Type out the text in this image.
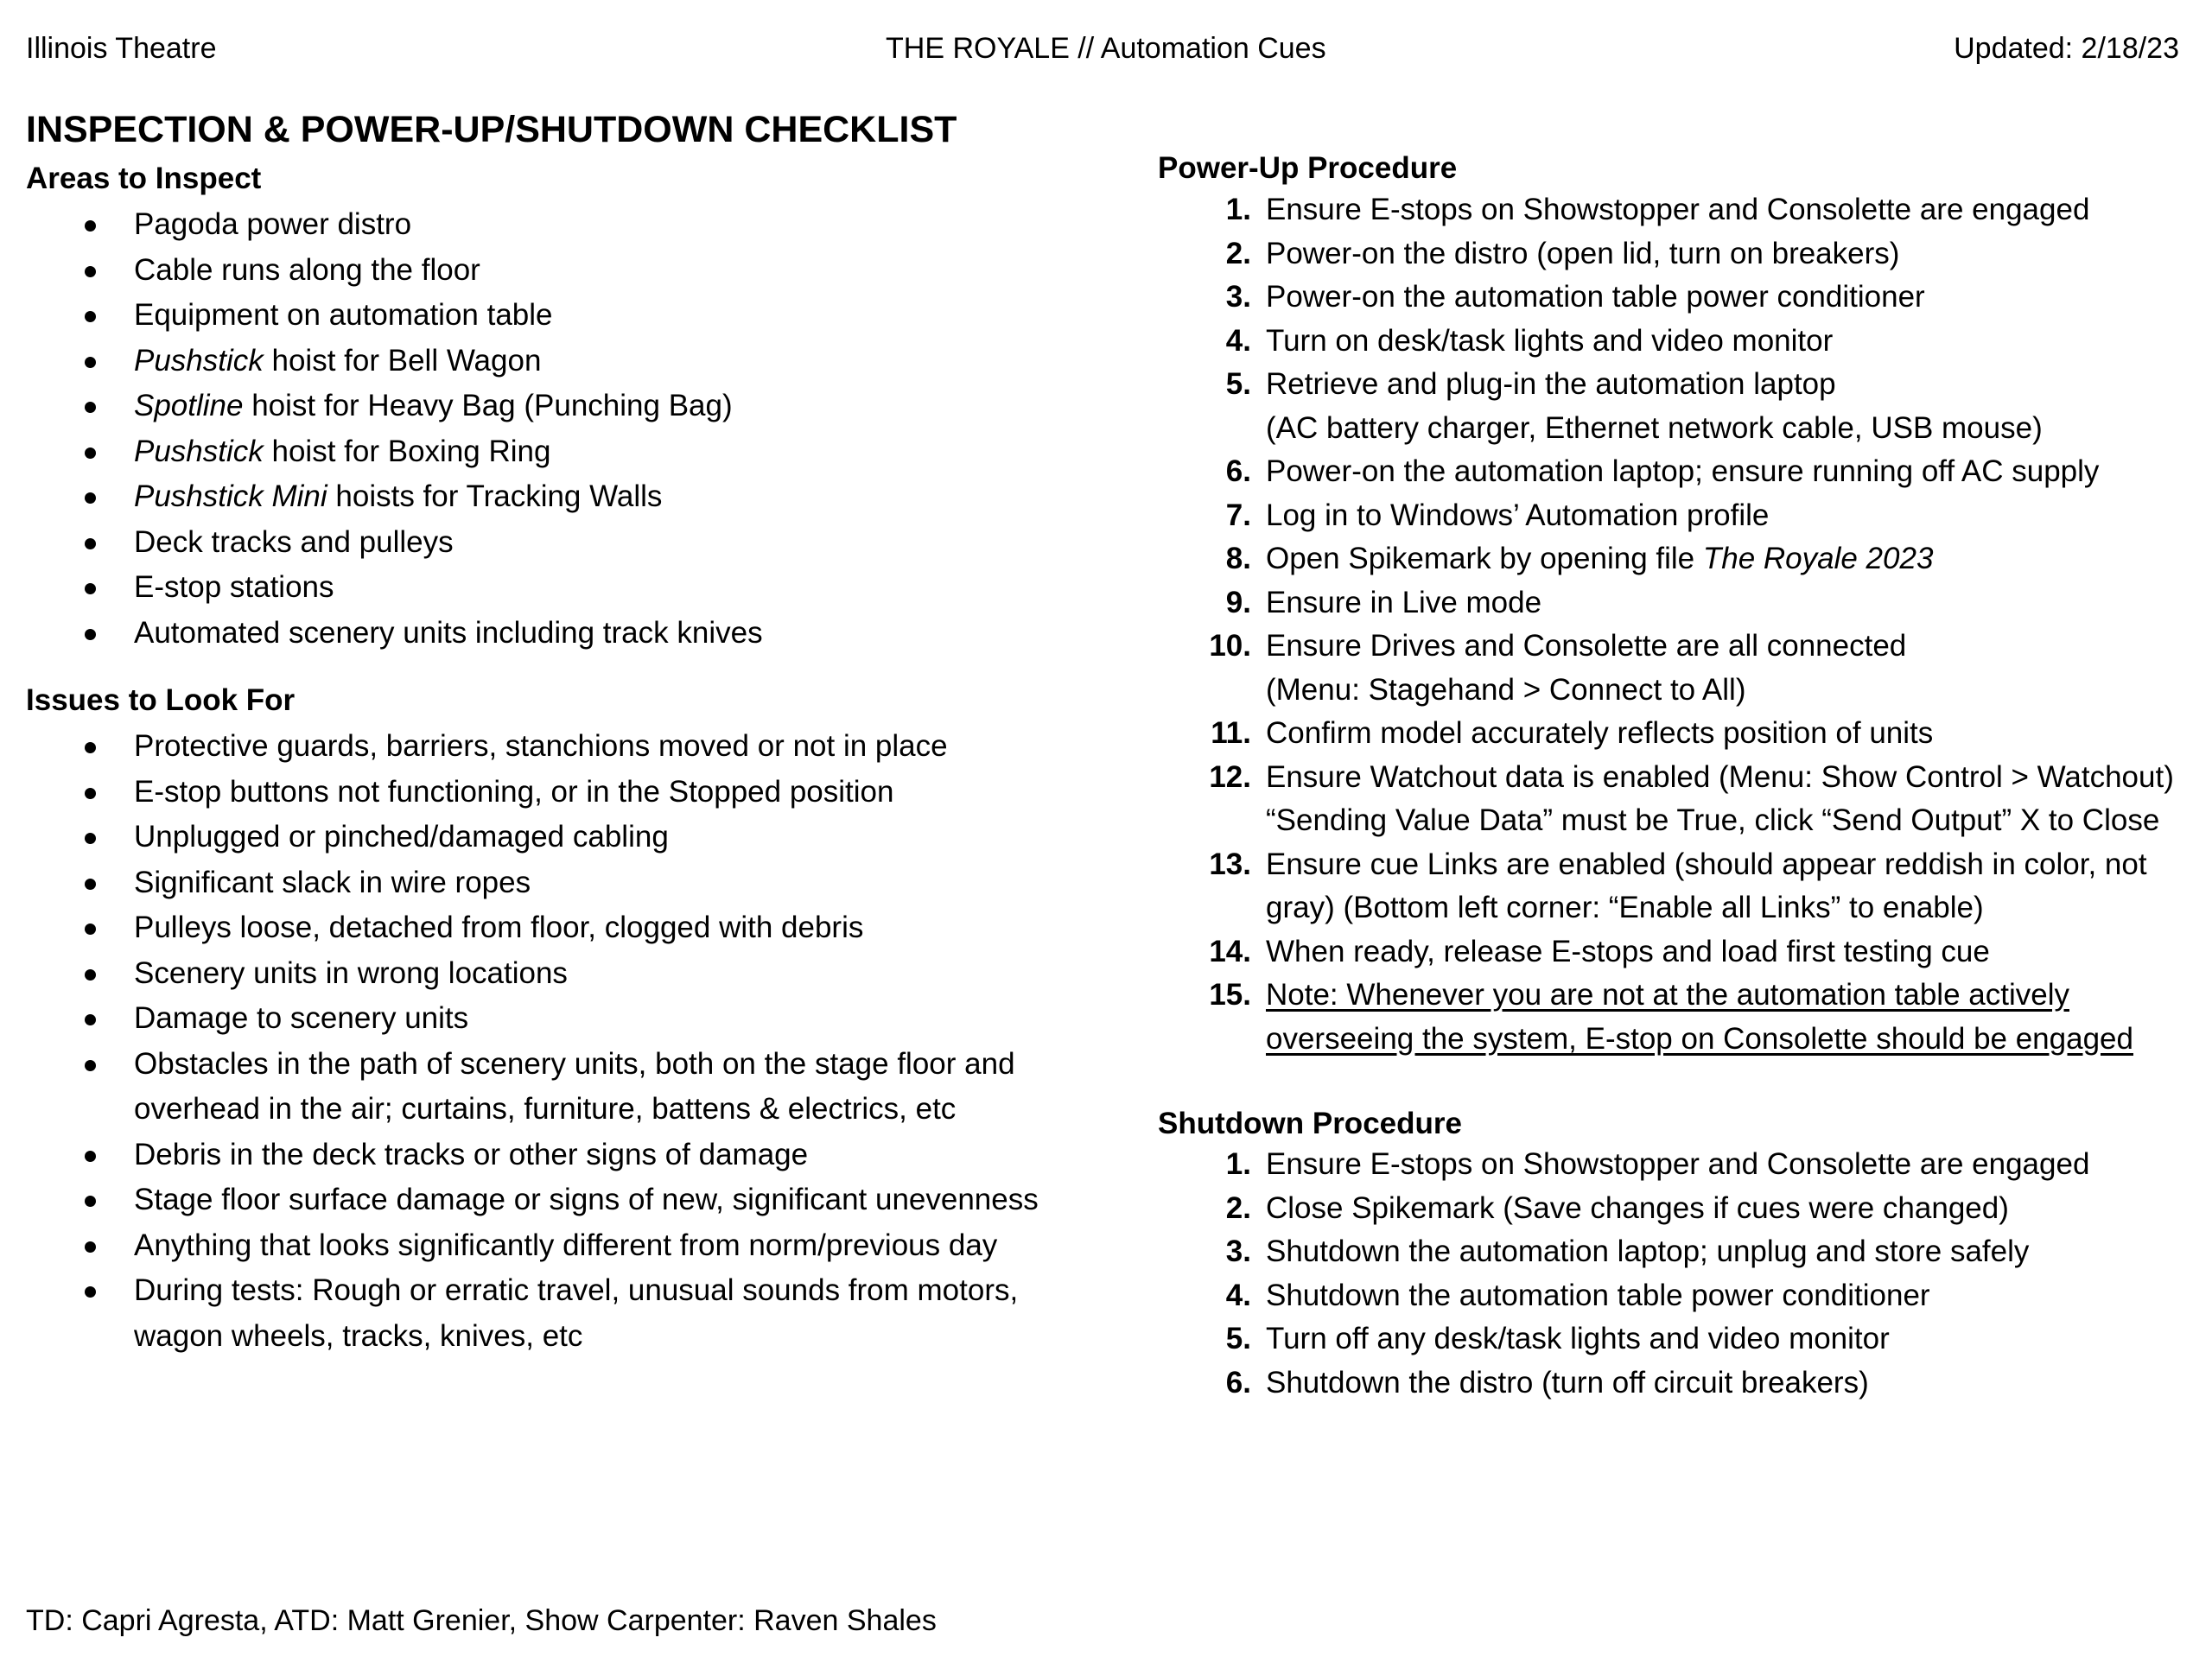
Illinois Theatre	THE ROYALE // Automation Cues	Updated: 2/18/23
INSPECTION & POWER-UP/SHUTDOWN CHECKLIST
Areas to Inspect
Pagoda power distro
Cable runs along the floor
Equipment on automation table
Pushstick hoist for Bell Wagon
Spotline hoist for Heavy Bag (Punching Bag)
Pushstick hoist for Boxing Ring
Pushstick Mini hoists for Tracking Walls
Deck tracks and pulleys
E-stop stations
Automated scenery units including track knives
Issues to Look For
Protective guards, barriers, stanchions moved or not in place
E-stop buttons not functioning, or in the Stopped position
Unplugged or pinched/damaged cabling
Significant slack in wire ropes
Pulleys loose, detached from floor, clogged with debris
Scenery units in wrong locations
Damage to scenery units
Obstacles in the path of scenery units, both on the stage floor and
overhead in the air; curtains, furniture, battens & electrics, etc
Debris in the deck tracks or other signs of damage
Stage floor surface damage or signs of new, significant unevenness
Anything that looks significantly different from norm/previous day
During tests: Rough or erratic travel, unusual sounds from motors,
wagon wheels, tracks, knives, etc
Power-Up Procedure
1. Ensure E-stops on Showstopper and Consolette are engaged
2. Power-on the distro (open lid, turn on breakers)
3. Power-on the automation table power conditioner
4. Turn on desk/task lights and video monitor
5. Retrieve and plug-in the automation laptop
(AC battery charger, Ethernet network cable, USB mouse)
6. Power-on the automation laptop; ensure running off AC supply
7. Log in to Windows’ Automation profile
8. Open Spikemark by opening file The Royale 2023
9. Ensure in Live mode
10. Ensure Drives and Consolette are all connected
(Menu: Stagehand > Connect to All)
11. Confirm model accurately reflects position of units
12. Ensure Watchout data is enabled (Menu: Show Control > Watchout)
“Sending Value Data” must be True, click “Send Output” X to Close
13. Ensure cue Links are enabled (should appear reddish in color, not
gray) (Bottom left corner: “Enable all Links” to enable)
14. When ready, release E-stops and load first testing cue
15. Note: Whenever you are not at the automation table actively
overseeing the system, E-stop on Consolette should be engaged
Shutdown Procedure
1. Ensure E-stops on Showstopper and Consolette are engaged
2. Close Spikemark (Save changes if cues were changed)
3. Shutdown the automation laptop; unplug and store safely
4. Shutdown the automation table power conditioner
5. Turn off any desk/task lights and video monitor
6. Shutdown the distro (turn off circuit breakers)
TD: Capri Agresta, ATD: Matt Grenier, Show Carpenter: Raven Shales
